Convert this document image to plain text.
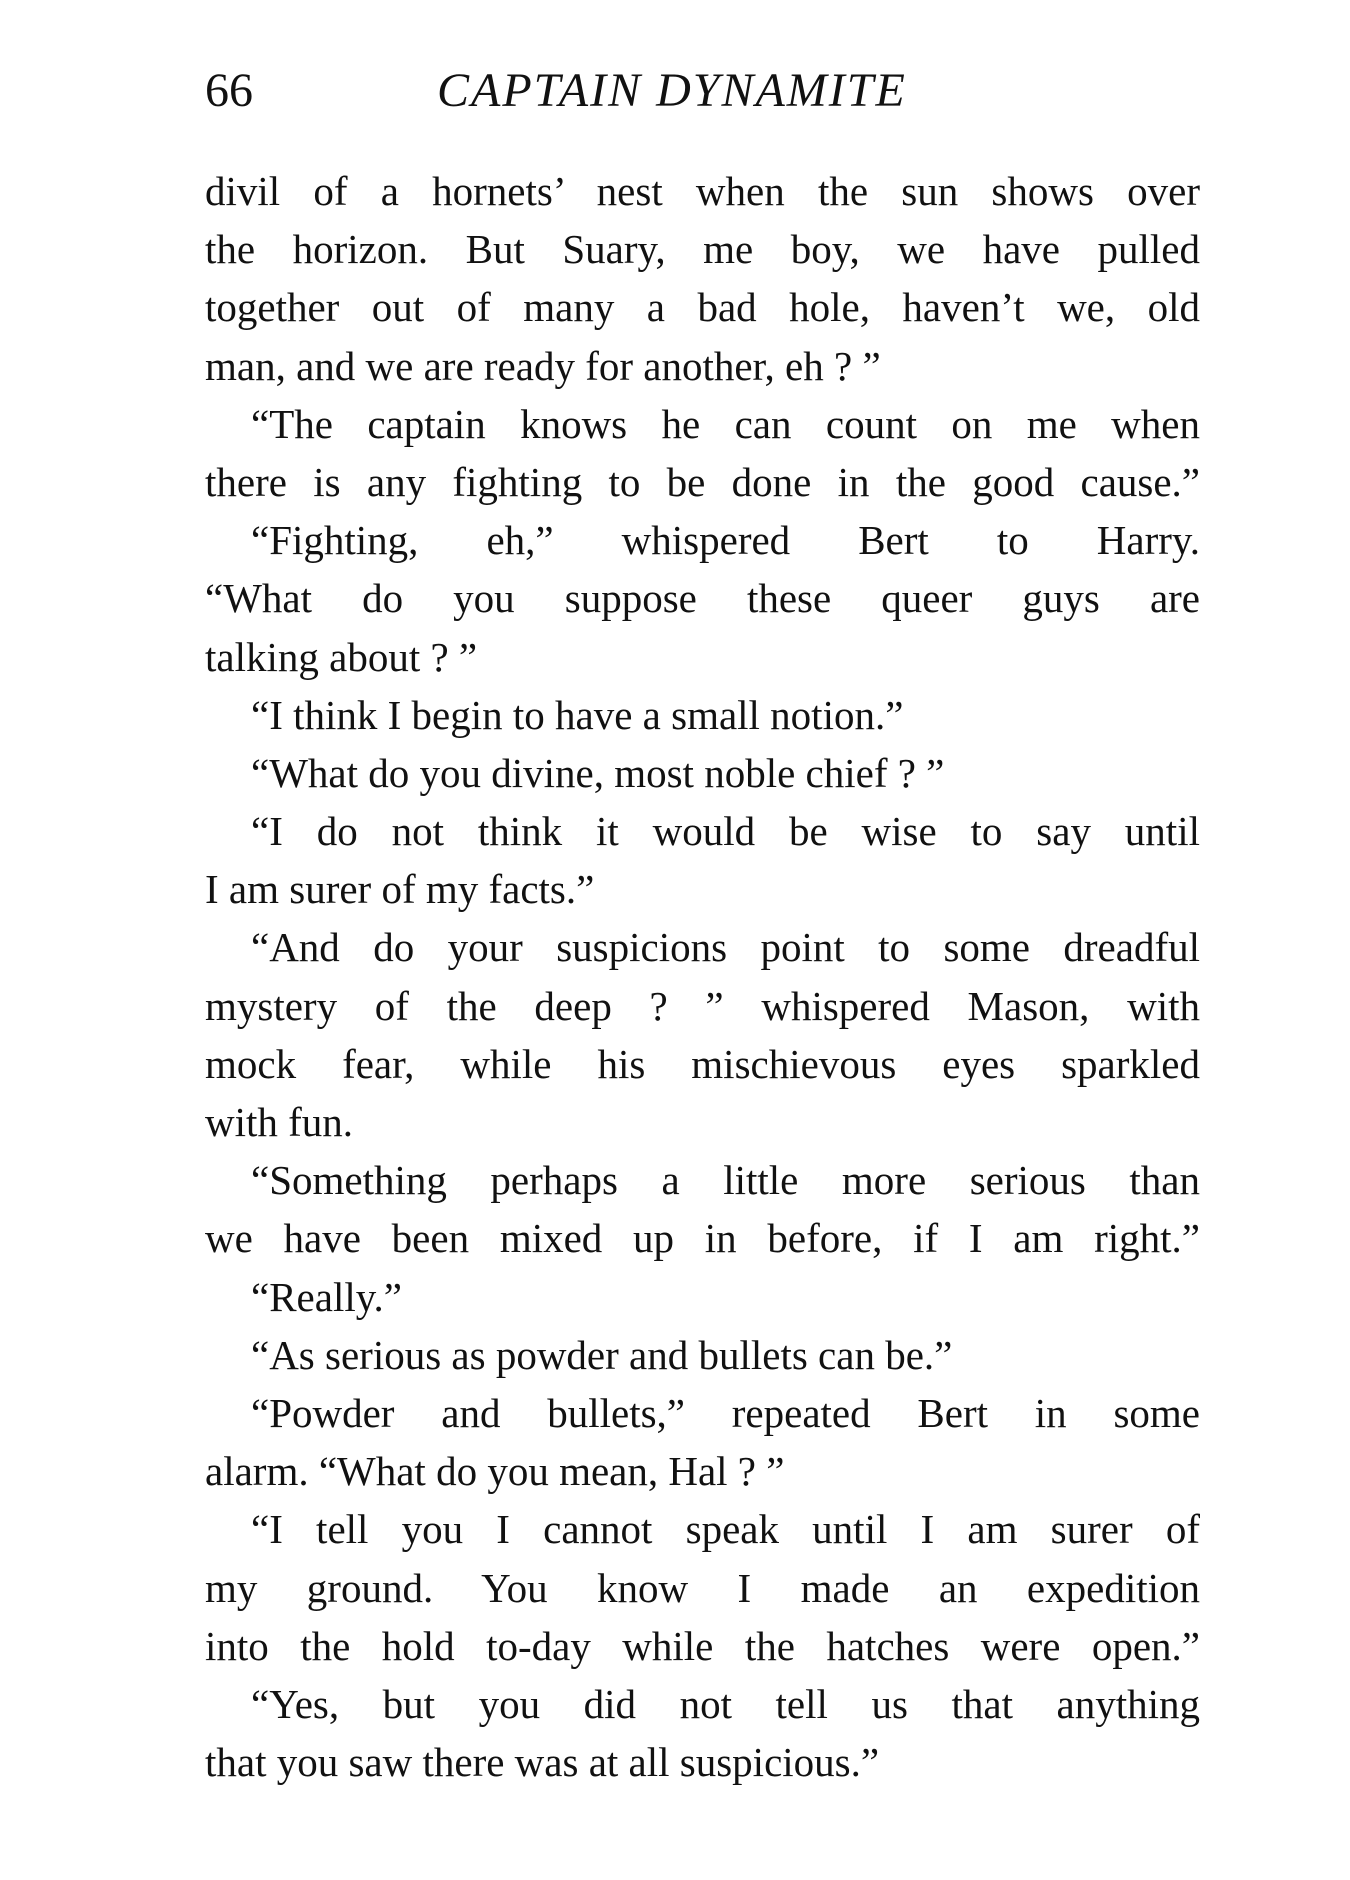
66	CAPTAIN DYNAMITE
divil of a hornets’ nest when the sun shows over
the horizon. But Suary, me boy, we have pulled
together out of many a bad hole, haven’t we, old
man, and we are ready for another, eh ? ”
“The captain knows he can count on me when
there is any fighting to be done in the good cause.”
“Fighting, eh,” whispered Bert to Harry.
“What do you suppose these queer guys are
talking about ? ”
“I think I begin to have a small notion.”
“What do you divine, most noble chief ? ”
“I do not think it would be wise to say until
I am surer of my facts.”
“And do your suspicions point to some dreadful
mystery of the deep ? ” whispered Mason, with
mock fear, while his mischievous eyes sparkled
with fun.
“Something perhaps a little more serious than
we have been mixed up in before, if I am right.”
“Really.”
“As serious as powder and bullets can be.”
“Powder and bullets,” repeated Bert in some
alarm. “What do you mean, Hal ? ”
“I tell you I cannot speak until I am surer of
my ground. You know I made an expedition
into the hold to-day while the hatches were open.”
“Yes, but you did not tell us that anything
that you saw there was at all suspicious.”
